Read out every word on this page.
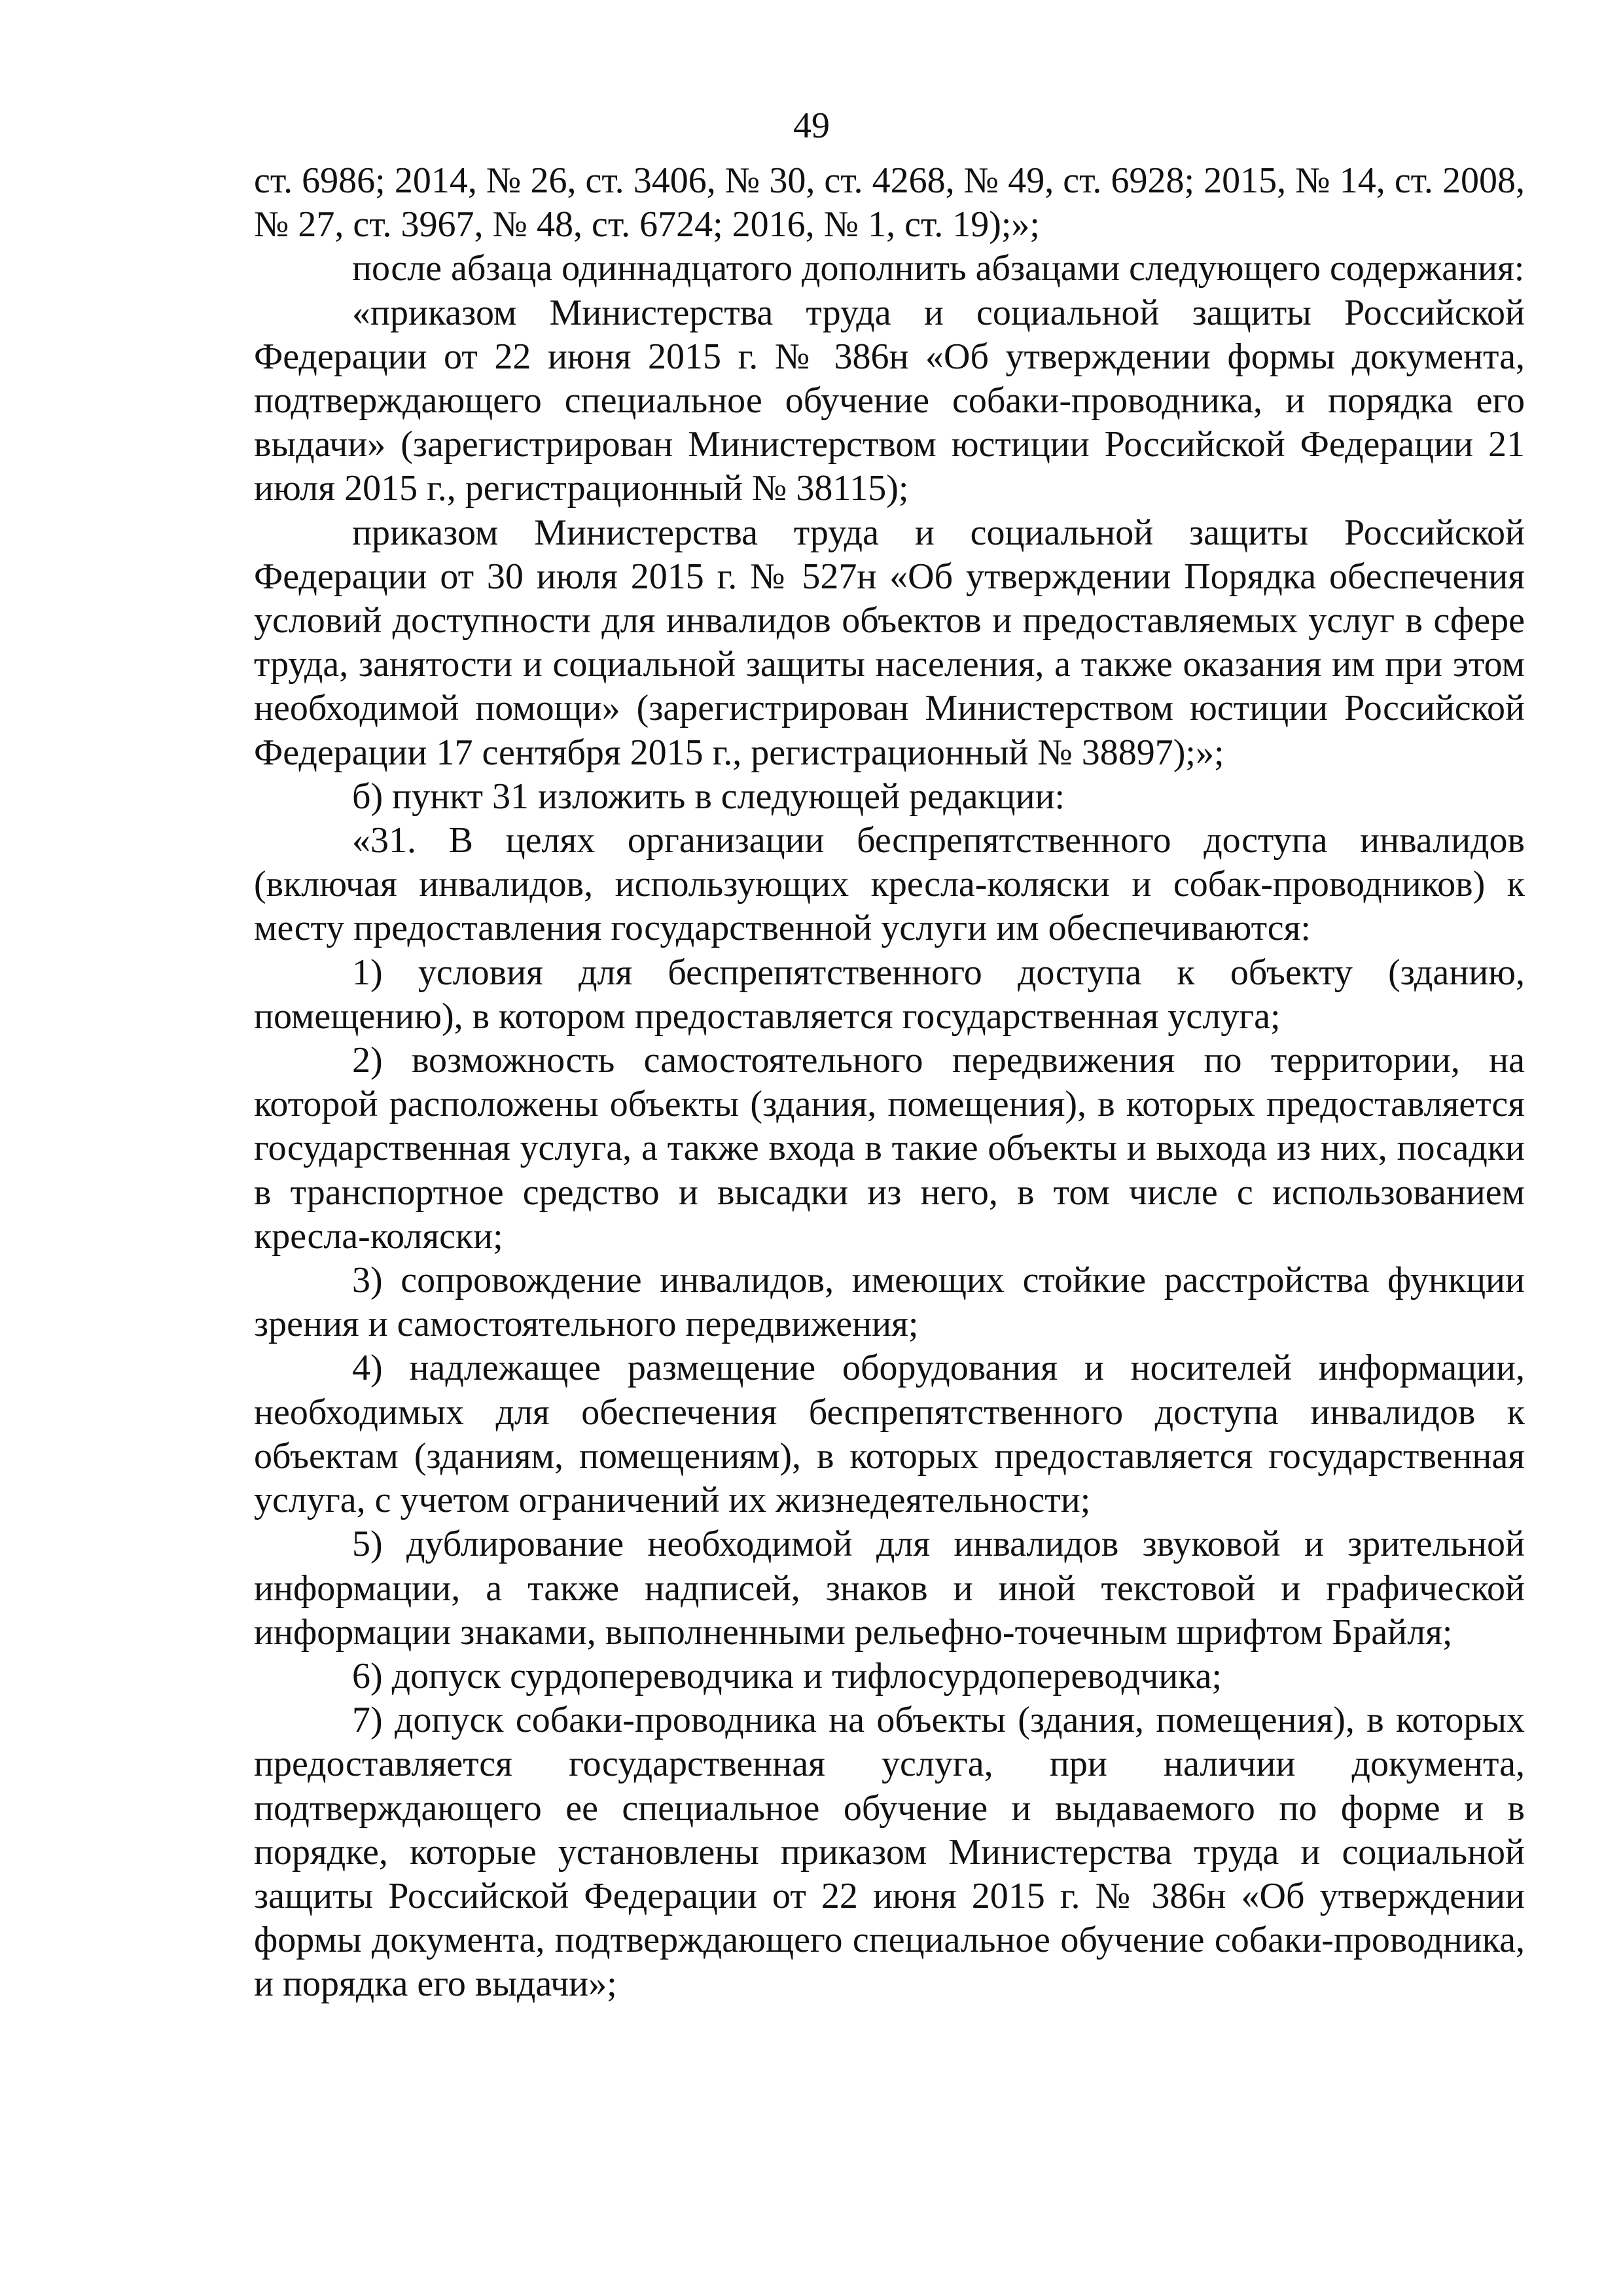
49

ст. 6986; 2014, № 26, ст. 3406, № 30, ст. 4268, № 49, ст. 6928; 2015, № 14, ст. 2008, № 27, ст. 3967, № 48, ст. 6724; 2016, № 1, ст. 19);»;

после абзаца одиннадцатого дополнить абзацами следующего содержания:

«приказом Министерства труда и социальной защиты Российской Федерации от 22 июня 2015 г. № 386н «Об утверждении формы документа, подтверждающего специальное обучение собаки-проводника, и порядка его выдачи» (зарегистрирован Министерством юстиции Российской Федерации 21 июля 2015 г., регистрационный № 38115);

приказом Министерства труда и социальной защиты Российской Федерации от 30 июля 2015 г. № 527н «Об утверждении Порядка обеспечения условий доступности для инвалидов объектов и предоставляемых услуг в сфере труда, занятости и социальной защиты населения, а также оказания им при этом необходимой помощи» (зарегистрирован Министерством юстиции Российской Федерации 17 сентября 2015 г., регистрационный № 38897);»;

б) пункт 31 изложить в следующей редакции:

«31. В целях организации беспрепятственного доступа инвалидов (включая инвалидов, использующих кресла-коляски и собак-проводников) к месту предоставления государственной услуги им обеспечиваются:

1) условия для беспрепятственного доступа к объекту (зданию, помещению), в котором предоставляется государственная услуга;

2) возможность самостоятельного передвижения по территории, на которой расположены объекты (здания, помещения), в которых предоставляется государственная услуга, а также входа в такие объекты и выхода из них, посадки в транспортное средство и высадки из него, в том числе с использованием кресла-коляски;

3) сопровождение инвалидов, имеющих стойкие расстройства функции зрения и самостоятельного передвижения;

4) надлежащее размещение оборудования и носителей информации, необходимых для обеспечения беспрепятственного доступа инвалидов к объектам (зданиям, помещениям), в которых предоставляется государственная услуга, с учетом ограничений их жизнедеятельности;

5) дублирование необходимой для инвалидов звуковой и зрительной информации, а также надписей, знаков и иной текстовой и графической информации знаками, выполненными рельефно-точечным шрифтом Брайля;

6) допуск сурдопереводчика и тифлосурдопереводчика;

7) допуск собаки-проводника на объекты (здания, помещения), в которых предоставляется государственная услуга, при наличии документа, подтверждающего ее специальное обучение и выдаваемого по форме и в порядке, которые установлены приказом Министерства труда и социальной защиты Российской Федерации от 22 июня 2015 г. № 386н «Об утверждении формы документа, подтверждающего специальное обучение собаки-проводника, и порядка его выдачи»;
